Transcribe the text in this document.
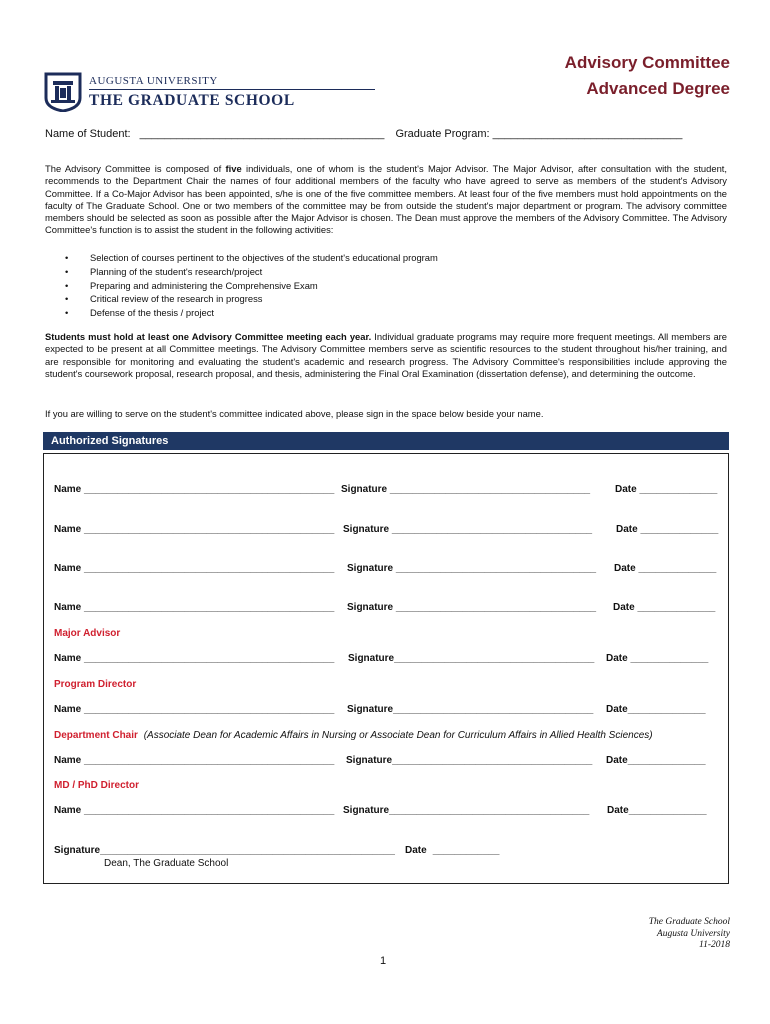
AUGUSTA UNIVERSITY
THE GRADUATE SCHOOL
Advisory Committee
Advanced Degree
Name of Student: ________________________________________ Graduate Program: _______________________________
The Advisory Committee is composed of five individuals, one of whom is the student's Major Advisor. The Major Advisor, after consultation with the student, recommends to the Department Chair the names of four additional members of the faculty who have agreed to serve as members of the student's Advisory Committee. If a Co-Major Advisor has been appointed, s/he is one of the five committee members. At least four of the five members must hold appointments on the faculty of The Graduate School. One or two members of the committee may be from outside the student's major department or program. The advisory committee members should be selected as soon as possible after the Major Advisor is chosen. The Dean must approve the members of the Advisory Committee. The Advisory Committee's function is to assist the student in the following activities:
• Selection of courses pertinent to the objectives of the student's educational program
• Planning of the student's research/project
• Preparing and administering the Comprehensive Exam
• Critical review of the research in progress
• Defense of the thesis / project
Students must hold at least one Advisory Committee meeting each year. Individual graduate programs may require more frequent meetings. All members are expected to be present at all Committee meetings. The Advisory Committee members serve as scientific resources to the student throughout his/her training, and are responsible for monitoring and evaluating the student's academic and research progress. The Advisory Committee's responsibilities include approving the student's coursework proposal, research proposal, and thesis, administering the Final Oral Examination (dissertation defense), and determining the outcome.
If you are willing to serve on the student's committee indicated above, please sign in the space below beside your name.
Authorized Signatures
Name _____________________________________________ Signature ____________________________________ Date ______________
Name _____________________________________________ Signature ____________________________________ Date ______________
Name _____________________________________________ Signature ____________________________________ Date ______________
Name _____________________________________________ Signature ____________________________________ Date ______________
Major Advisor
Name _____________________________________________ Signature____________________________________ Date ______________
Program Director
Name _____________________________________________ Signature____________________________________ Date______________
Department Chair (Associate Dean for Academic Affairs in Nursing or Associate Dean for Curriculum Affairs in Allied Health Sciences)
Name _____________________________________________ Signature____________________________________ Date______________
MD / PhD Director
Name _____________________________________________ Signature____________________________________ Date______________
Signature_____________________________________________________ Date ____________
Dean, The Graduate School
The Graduate School
Augusta University
11-2018
1
